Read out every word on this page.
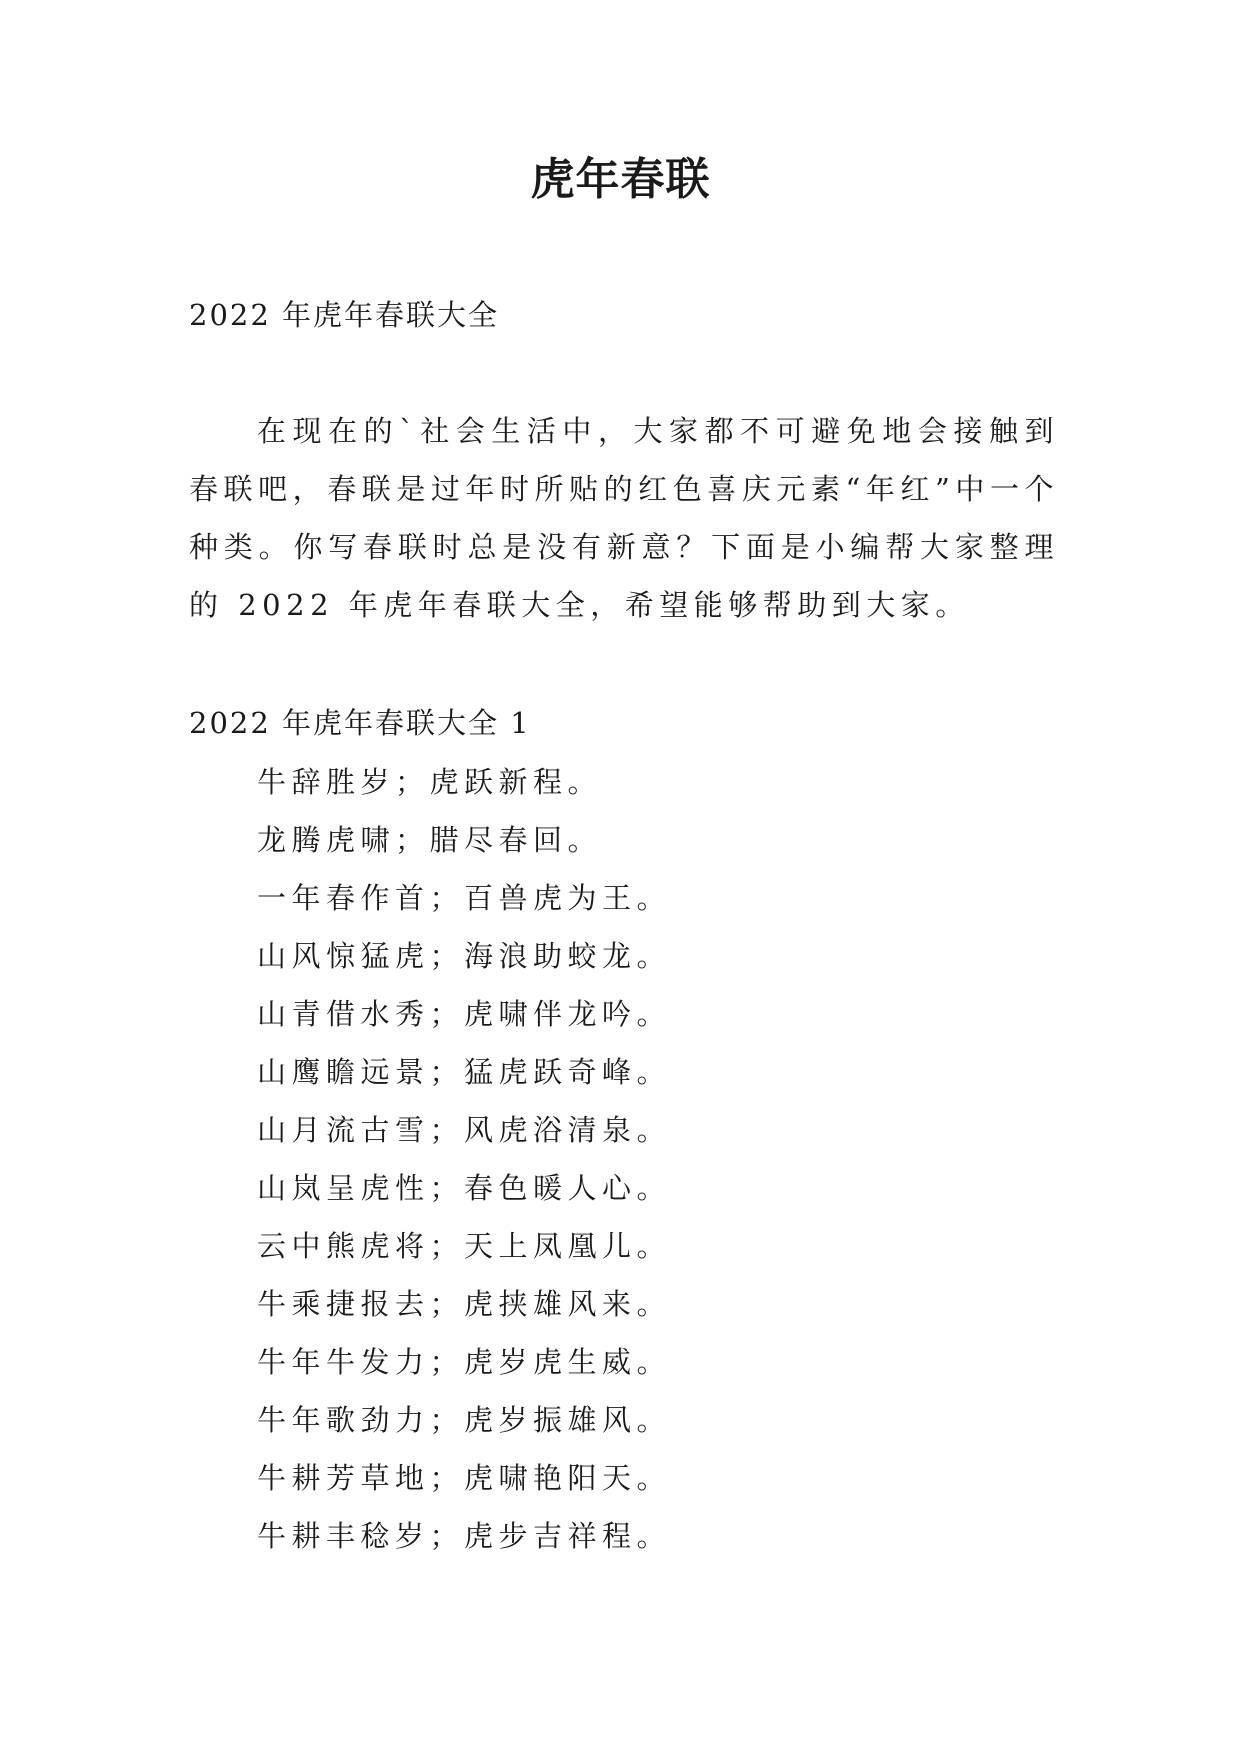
虎年春联

2022 年虎年春联大全

在现在的`社会生活中，大家都不可避免地会接触到春联吧，春联是过年时所贴的红色喜庆元素“年红”中一个种类。你写春联时总是没有新意？下面是小编帮大家整理的 2022 年虎年春联大全，希望能够帮助到大家。

2022 年虎年春联大全 1

牛辞胜岁；虎跃新程。
龙腾虎啸；腊尽春回。
一年春作首；百兽虎为王。
山风惊猛虎；海浪助蛟龙。
山青借水秀；虎啸伴龙吟。
山鹰瞻远景；猛虎跃奇峰。
山月流古雪；风虎浴清泉。
山岚呈虎性；春色暖人心。
云中熊虎将；天上凤凰儿。
牛乘捷报去；虎挟雄风来。
牛年牛发力；虎岁虎生威。
牛年歌劲力；虎岁振雄风。
牛耕芳草地；虎啸艳阳天。
牛耕丰稔岁；虎步吉祥程。
